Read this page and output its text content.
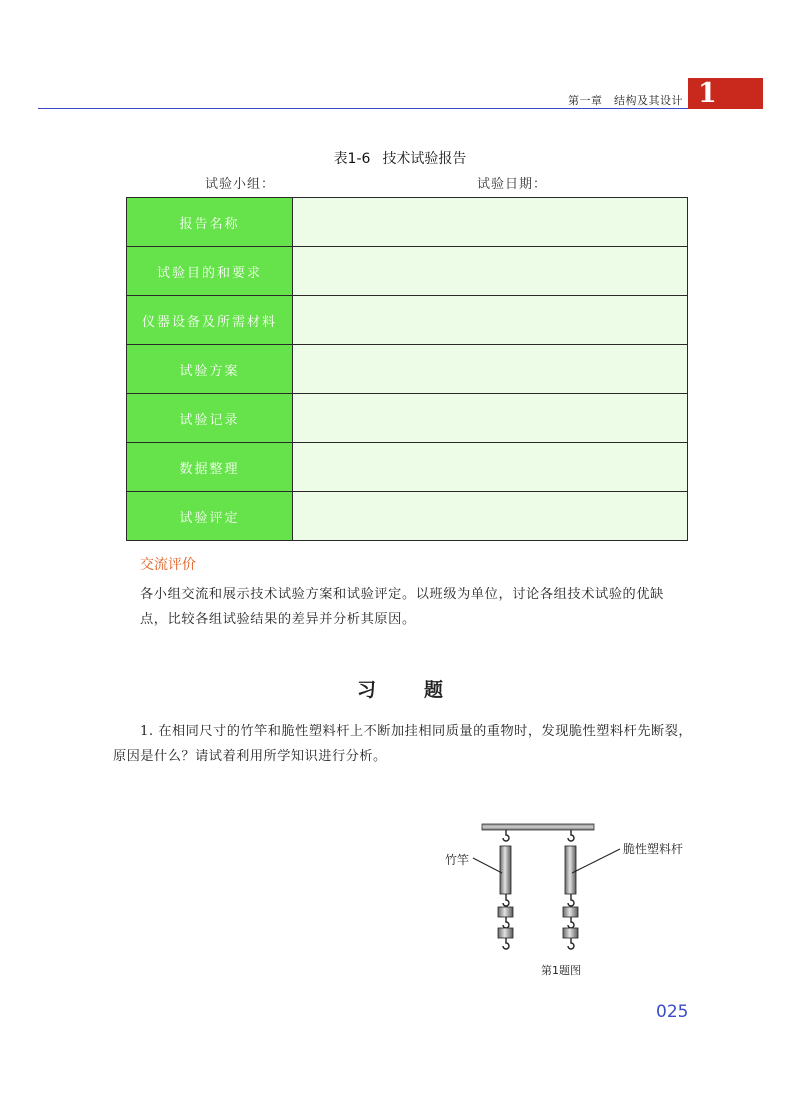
第一章　结构及其设计 1
表1-6 技术试验报告
试验小组：	试验日期：
报告名称	
试验目的和要求	
仪器设备及所需材料	
试验方案	
试验记录	
数据整理	
试验评定	
交流评价
各小组交流和展示技术试验方案和试验评定。以班级为单位，讨论各组技术试验的优缺点，比较各组试验结果的差异并分析其原因。
习题
1. 在相同尺寸的竹竿和脆性塑料杆上不断加挂相同质量的重物时，发现脆性塑料杆先断裂，原因是什么？请试着利用所学知识进行分析。
竹竿
脆性塑料杆
第1题图
025
